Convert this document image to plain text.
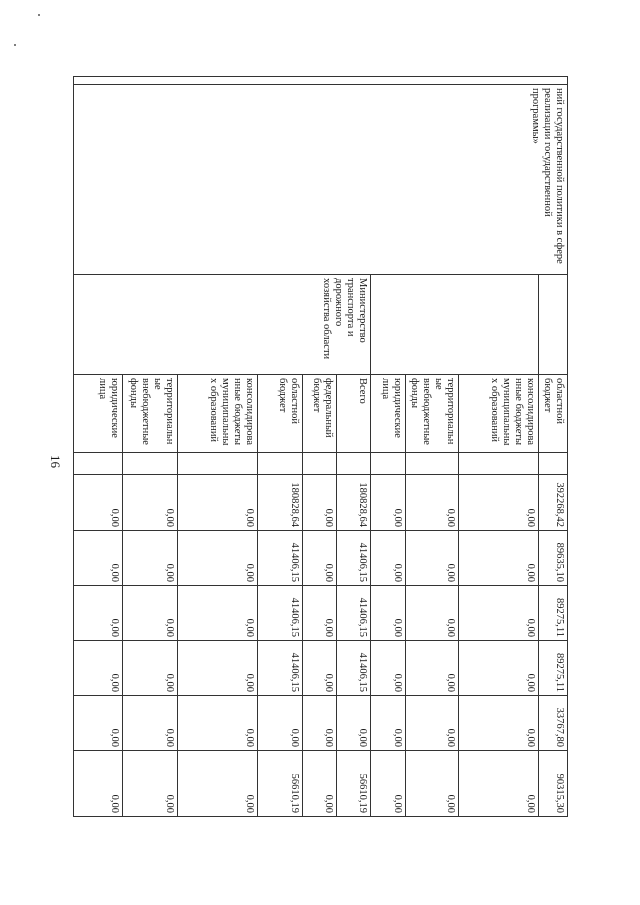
16
	ний государственной политики в сфере реализации государственной программы»		областной бюджет		392268,42	89635,10	89275,11	89275,11	33767,80	90315,30
			консолидированные бюджеты муниципальных образований		0,00	0,00	0,00	0,00	0,00	0,00
			территориальные внебюджетные фонды		0,00	0,00	0,00	0,00	0,00	0,00
			юридические лица		0,00	0,00	0,00	0,00	0,00	0,00
		Министерство транспорта и дорожного хозяйства области	Всего		180828,64	41406,15	41406,15	41406,15	0,00	56610,19
			федеральный бюджет		0,00	0,00	0,00	0,00	0,00	0,00
			областной бюджет		180828,64	41406,15	41406,15	41406,15	0,00	56610,19
			консолидированные бюджеты муниципальных образований		0,00	0,00	0,00	0,00	0,00	0,00
			территориальные внебюджетные фонды		0,00	0,00	0,00	0,00	0,00	0,00
			юридические лица		0,00	0,00	0,00	0,00	0,00	0,00
